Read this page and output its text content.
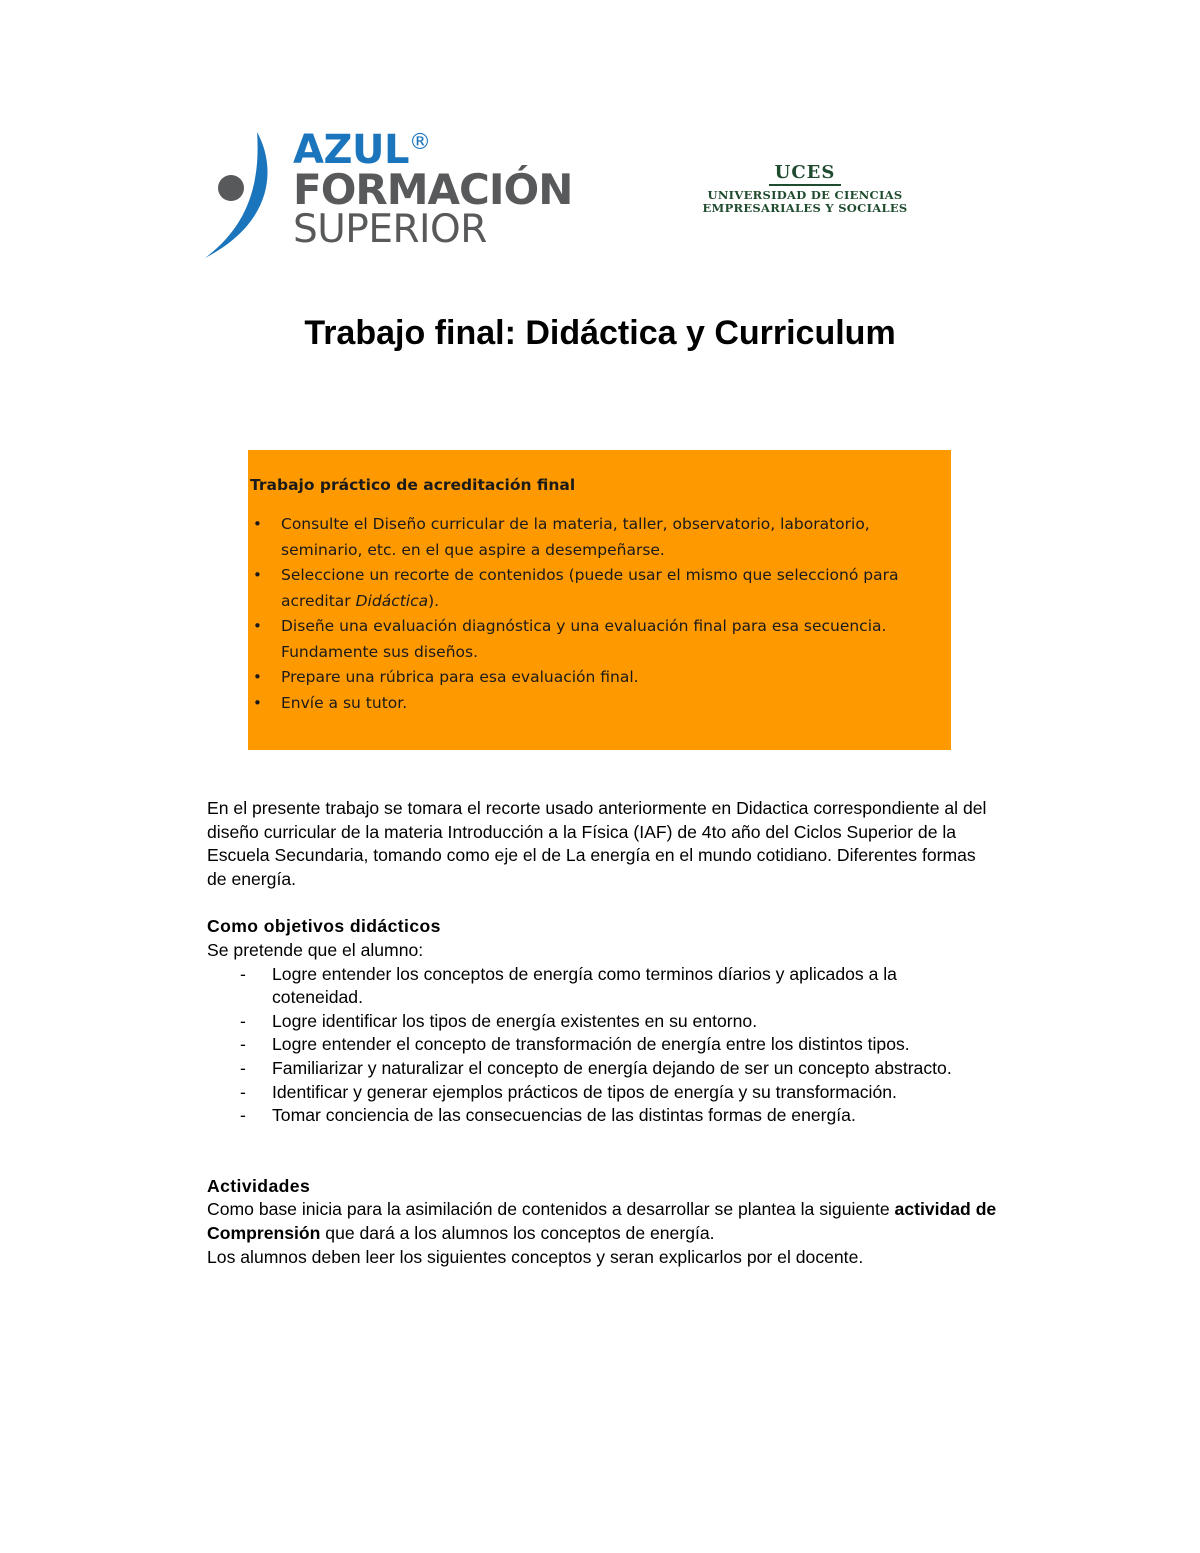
AZUL®
FORMACIÓN
SUPERIOR
UCES
UNIVERSIDAD DE CIENCIAS
EMPRESARIALES Y SOCIALES
Trabajo final: Didáctica y Curriculum
Trabajo práctico de acreditación final
• Consulte el Diseño curricular de la materia, taller, observatorio, laboratorio, seminario, etc. en el que aspire a desempeñarse.
• Seleccione un recorte de contenidos (puede usar el mismo que seleccionó para acreditar Didáctica).
• Diseñe una evaluación diagnóstica y una evaluación final para esa secuencia. Fundamente sus diseños.
• Prepare una rúbrica para esa evaluación final.
• Envíe a su tutor.

En el presente trabajo se tomara el recorte usado anteriormente en Didactica correspondiente al del diseño curricular de la materia Introducción a la Física (IAF) de 4to año del Ciclos Superior de la Escuela Secundaria, tomando como eje el de La energía en el mundo cotidiano. Diferentes formas de energía.

Como objetivos didácticos

Se pretende que el alumno:

- Logre entender los conceptos de energía como terminos díarios y aplicados a la coteneidad.
- Logre identificar los tipos de energía existentes en su entorno.
- Logre entender el concepto de transformación de energía entre los distintos tipos.
- Familiarizar y naturalizar el concepto de energía dejando de ser un concepto abstracto.
- Identificar y generar ejemplos prácticos de tipos de energía y su transformación.
- Tomar conciencia de las consecuencias de las distintas formas de energía.

Actividades

Como base inicia para la asimilación de contenidos a desarrollar se plantea la siguiente actividad de Comprensión que dará a los alumnos los conceptos de energía.

Los alumnos deben leer los siguientes conceptos y seran explicarlos por el docente.
